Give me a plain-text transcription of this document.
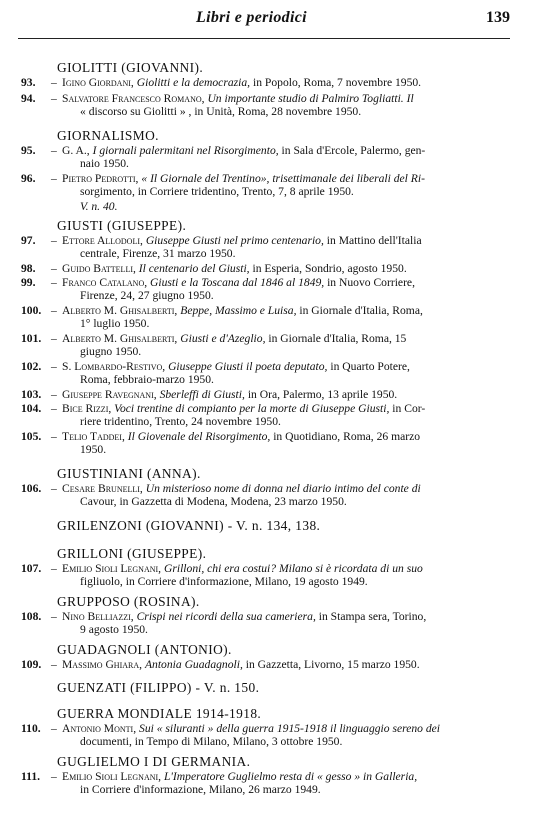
Libri e periodici	139
GIOLITTI (GIOVANNI).
93.	– Igino Giordani, Giolitti e la democrazia, in Popolo, Roma, 7 novembre 1950.
94.	– Salvatore Francesco Romano, Un importante studio di Palmiro Togliatti. Il
« discorso su Giolitti » , in Unità, Roma, 28 novembre 1950.
GIORNALISMO.
95.	– G. A., I giornali palermitani nel Risorgimento, in Sala d'Ercole, Palermo, gen-
naio 1950.
96.	– Pietro Pedrotti, « Il Giornale del Trentino», trisettimanale dei liberali del Ri-
sorgimento, in Corriere tridentino, Trento, 7, 8 aprile 1950.
V. n. 40.
GIUSTI (GIUSEPPE).
97.	– Ettore Allodoli, Giuseppe Giusti nel primo centenario, in Mattino dell'Italia
centrale, Firenze, 31 marzo 1950.
98.	– Guido Battelli, Il centenario del Giusti, in Esperia, Sondrio, agosto 1950.
99.	– Franco Catalano, Giusti e la Toscana dal 1846 al 1849, in Nuovo Corriere,
Firenze, 24, 27 giugno 1950.
100. – Alberto M. Ghisalberti, Beppe, Massimo e Luisa, in Giornale d'Italia, Roma,
1° luglio 1950.
101. – Alberto M. Ghisalberti, Giusti e d'Azeglio, in Giornale d'Italia, Roma, 15
giugno 1950.
102. – S. Lombardo-Restivo, Giuseppe Giusti il poeta deputato, in Quarto Potere,
Roma, febbraio-marzo 1950.
103. – Giuseppe Ravegnani, Sberleffi di Giusti, in Ora, Palermo, 13 aprile 1950.
104. – Bice Rizzi, Voci trentine di compianto per la morte di Giuseppe Giusti, in Cor-
riere tridentino, Trento, 24 novembre 1950.
105. – Telio Taddei, Il Giovenale del Risorgimento, in Quotidiano, Roma, 26 marzo
1950.
GIUSTINIANI (ANNA).
106. – Cesare Brunelli, Un misterioso nome di donna nel diario intimo del conte di
Cavour, in Gazzetta di Modena, Modena, 23 marzo 1950.
GRILENZONI (GIOVANNI) - V. n. 134, 138.
GRILLONI (GIUSEPPE).
107. – Emilio Sioli Legnani, Grilloni, chi era costui? Milano si è ricordata di un suo
figliuolo, in Corriere d'informazione, Milano, 19 agosto 1949.
GRUPPOSO (ROSINA).
108. – Nino Belliazzi, Crispi nei ricordi della sua cameriera, in Stampa sera, Torino,
9 agosto 1950.
GUADAGNOLI (ANTONIO).
109. – Massimo Ghiara, Antonia Guadagnoli, in Gazzetta, Livorno, 15 marzo 1950.
GUENZATI (FILIPPO) - V. n. 150.
GUERRA MONDIALE 1914-1918.
110. – Antonio Monti, Sui « siluranti » della guerra 1915-1918 il linguaggio sereno dei
documenti, in Tempo di Milano, Milano, 3 ottobre 1950.
GUGLIELMO I DI GERMANIA.
111. – Emilio Sioli Legnani, L'Imperatore Guglielmo resta di « gesso » in Galleria,
in Corriere d'informazione, Milano, 26 marzo 1949.
